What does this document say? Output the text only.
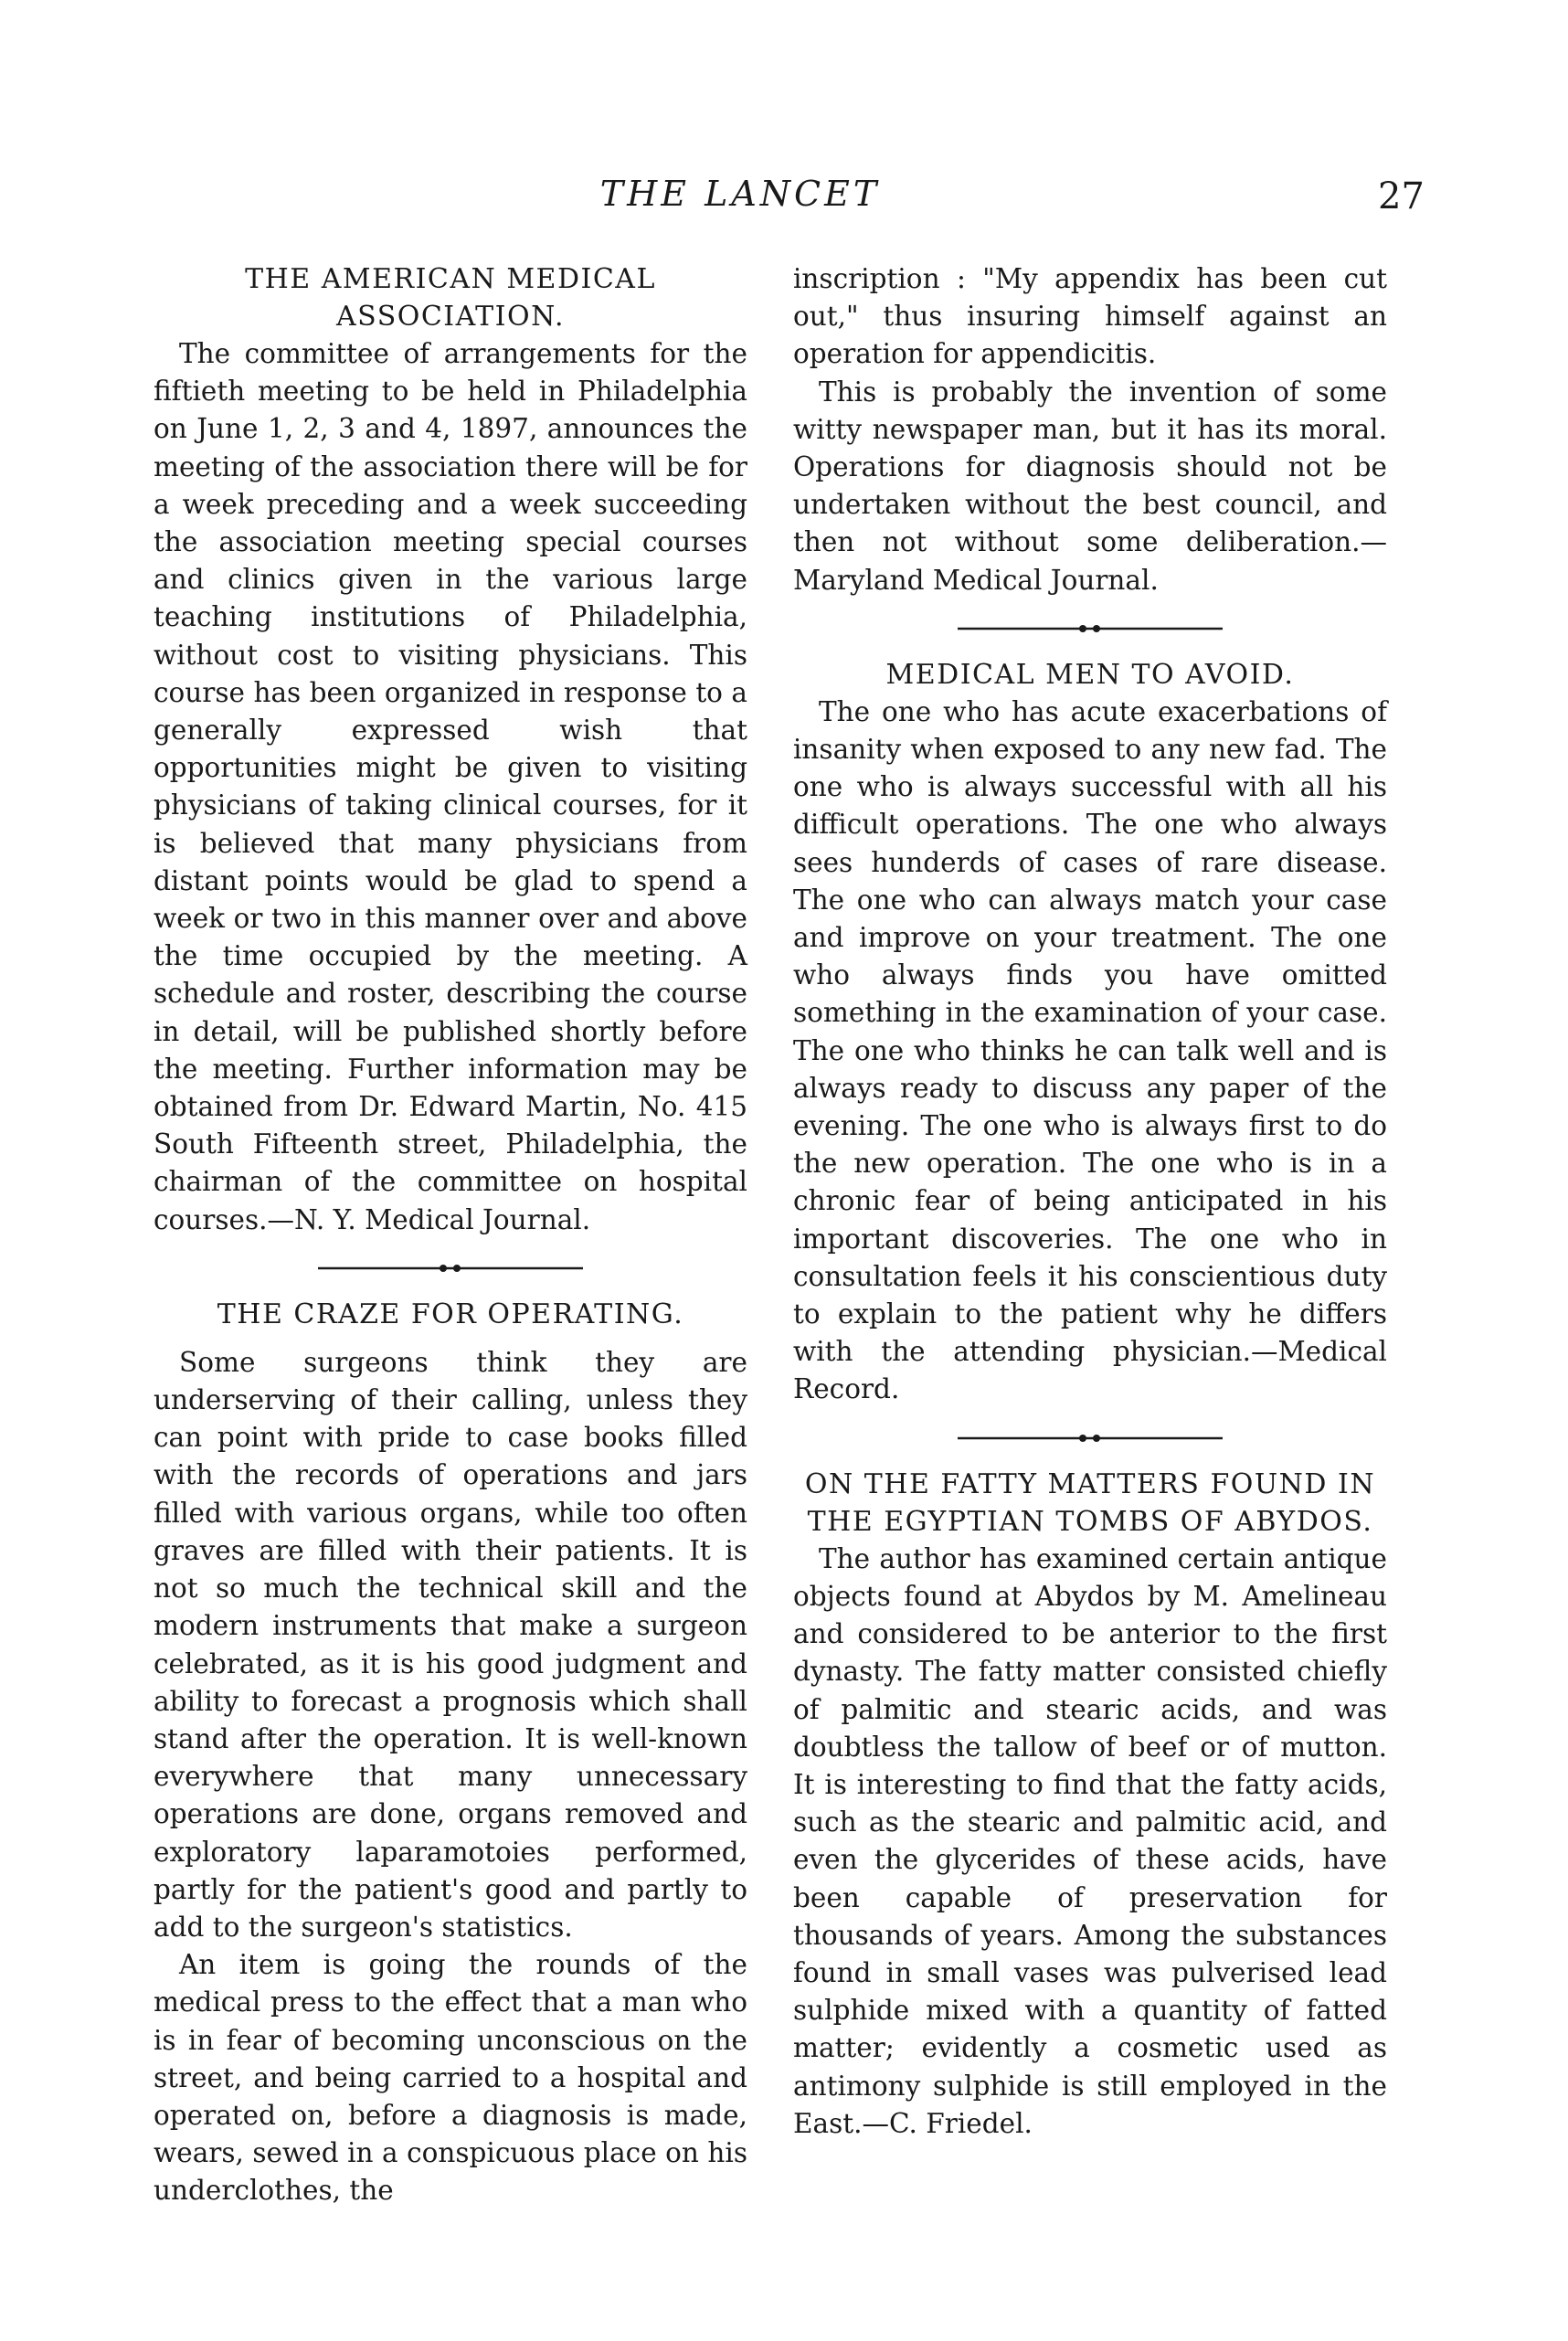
THE LANCET	27
THE AMERICAN MEDICAL ASSOCIATION.

The committee of arrangements for the fiftieth meeting to be held in Philadelphia on June 1, 2, 3 and 4, 1897, announces the meeting of the association there will be for a week preceding and a week succeeding the association meeting special courses and clinics given in the various large teaching institutions of Philadelphia, without cost to visiting physicians. This course has been organized in response to a generally expressed wish that opportunities might be given to visiting physicians of taking clinical courses, for it is believed that many physicians from distant points would be glad to spend a week or two in this manner over and above the time occupied by the meeting. A schedule and roster, describing the course in detail, will be published shortly before the meeting. Further information may be obtained from Dr. Edward Martin, No. 415 South Fifteenth street, Philadelphia, the chairman of the committee on hospital courses.—N. Y. Medical Journal.

THE CRAZE FOR OPERATING.

Some surgeons think they are underserving of their calling, unless they can point with pride to case books filled with the records of operations and jars filled with various organs, while too often graves are filled with their patients. It is not so much the technical skill and the modern instruments that make a surgeon celebrated, as it is his good judgment and ability to forecast a prognosis which shall stand after the operation. It is well-known everywhere that many unnecessary operations are done, organs removed and exploratory laparamotoies performed, partly for the patient's good and partly to add to the surgeon's statistics.

An item is going the rounds of the medical press to the effect that a man who is in fear of becoming unconscious on the street, and being carried to a hospital and operated on, before a diagnosis is made, wears, sewed in a conspicuous place on his underclothes, the

inscription : "My appendix has been cut out," thus insuring himself against an operation for appendicitis.

This is probably the invention of some witty newspaper man, but it has its moral. Operations for diagnosis should not be undertaken without the best council, and then not without some deliberation.—Maryland Medical Journal.

MEDICAL MEN TO AVOID.

The one who has acute exacerbations of insanity when exposed to any new fad. The one who is always successful with all his difficult operations. The one who always sees hunderds of cases of rare disease. The one who can always match your case and improve on your treatment. The one who always finds you have omitted something in the examination of your case. The one who thinks he can talk well and is always ready to discuss any paper of the evening. The one who is always first to do the new operation. The one who is in a chronic fear of being anticipated in his important discoveries. The one who in consultation feels it his conscientious duty to explain to the patient why he differs with the attending physician.—Medical Record.

ON THE FATTY MATTERS FOUND IN THE EGYPTIAN TOMBS OF ABYDOS.

The author has examined certain antique objects found at Abydos by M. Amelineau and considered to be anterior to the first dynasty. The fatty matter consisted chiefly of palmitic and stearic acids, and was doubtless the tallow of beef or of mutton. It is interesting to find that the fatty acids, such as the stearic and palmitic acid, and even the glycerides of these acids, have been capable of preservation for thousands of years. Among the substances found in small vases was pulverised lead sulphide mixed with a quantity of fatted matter; evidently a cosmetic used as antimony sulphide is still employed in the East.—C. Friedel.
